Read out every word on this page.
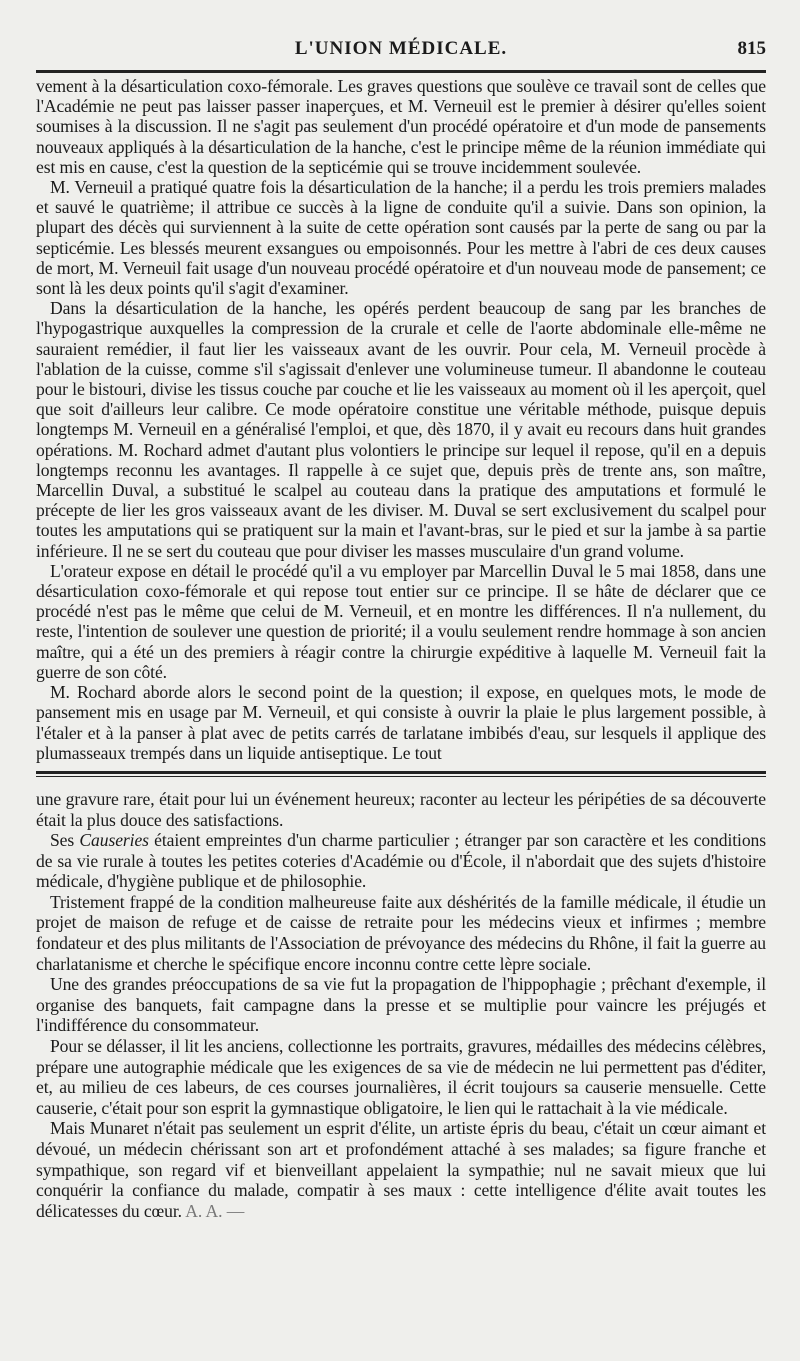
L'UNION MÉDICALE.	815

vement à la désarticulation coxo-fémorale. Les graves questions que soulève ce travail sont de celles que l'Académie ne peut pas laisser passer inaperçues, et M. Verneuil est le premier à désirer qu'elles soient soumises à la discussion. Il ne s'agit pas seulement d'un procédé opératoire et d'un mode de pansements nouveaux appliqués à la désarticulation de la hanche, c'est le principe même de la réunion immédiate qui est mis en cause, c'est la question de la septicémie qui se trouve incidemment soulevée.

M. Verneuil a pratiqué quatre fois la désarticulation de la hanche; il a perdu les trois premiers malades et sauvé le quatrième; il attribue ce succès à la ligne de conduite qu'il a suivie. Dans son opinion, la plupart des décès qui surviennent à la suite de cette opération sont causés par la perte de sang ou par la septicémie. Les blessés meurent exsangues ou empoisonnés. Pour les mettre à l'abri de ces deux causes de mort, M. Verneuil fait usage d'un nouveau procédé opératoire et d'un nouveau mode de pansement; ce sont là les deux points qu'il s'agit d'examiner.

Dans la désarticulation de la hanche, les opérés perdent beaucoup de sang par les branches de l'hypogastrique auxquelles la compression de la crurale et celle de l'aorte abdominale elle-même ne sauraient remédier, il faut lier les vaisseaux avant de les ouvrir. Pour cela, M. Verneuil procède à l'ablation de la cuisse, comme s'il s'agissait d'enlever une volumineuse tumeur. Il abandonne le couteau pour le bistouri, divise les tissus couche par couche et lie les vaisseaux au moment où il les aperçoit, quel que soit d'ailleurs leur calibre. Ce mode opératoire constitue une véritable méthode, puisque depuis longtemps M. Verneuil en a généralisé l'emploi, et que, dès 1870, il y avait eu recours dans huit grandes opérations. M. Rochard admet d'autant plus volontiers le principe sur lequel il repose, qu'il en a depuis longtemps reconnu les avantages. Il rappelle à ce sujet que, depuis près de trente ans, son maître, Marcellin Duval, a substitué le scalpel au couteau dans la pratique des amputations et formulé le précepte de lier les gros vaisseaux avant de les diviser. M. Duval se sert exclusivement du scalpel pour toutes les amputations qui se pratiquent sur la main et l'avant-bras, sur le pied et sur la jambe à sa partie inférieure. Il ne se sert du couteau que pour diviser les masses musculaire d'un grand volume.

L'orateur expose en détail le procédé qu'il a vu employer par Marcellin Duval le 5 mai 1858, dans une désarticulation coxo-fémorale et qui repose tout entier sur ce principe. Il se hâte de déclarer que ce procédé n'est pas le même que celui de M. Verneuil, et en montre les différences. Il n'a nullement, du reste, l'intention de soulever une question de priorité; il a voulu seulement rendre hommage à son ancien maître, qui a été un des premiers à réagir contre la chirurgie expéditive à laquelle M. Verneuil fait la guerre de son côté.

M. Rochard aborde alors le second point de la question; il expose, en quelques mots, le mode de pansement mis en usage par M. Verneuil, et qui consiste à ouvrir la plaie le plus largement possible, à l'étaler et à la panser à plat avec de petits carrés de tarlatane imbibés d'eau, sur lesquels il applique des plumasseaux trempés dans un liquide antiseptique. Le tout

une gravure rare, était pour lui un événement heureux; raconter au lecteur les péripéties de sa découverte était la plus douce des satisfactions.

Ses Causeries étaient empreintes d'un charme particulier ; étranger par son caractère et les conditions de sa vie rurale à toutes les petites coteries d'Académie ou d'École, il n'abordait que des sujets d'histoire médicale, d'hygiène publique et de philosophie.

Tristement frappé de la condition malheureuse faite aux déshérités de la famille médicale, il étudie un projet de maison de refuge et de caisse de retraite pour les médecins vieux et infirmes ; membre fondateur et des plus militants de l'Association de prévoyance des médecins du Rhône, il fait la guerre au charlatanisme et cherche le spécifique encore inconnu contre cette lèpre sociale.

Une des grandes préoccupations de sa vie fut la propagation de l'hippophagie ; prêchant d'exemple, il organise des banquets, fait campagne dans la presse et se multiplie pour vaincre les préjugés et l'indifférence du consommateur.

Pour se délasser, il lit les anciens, collectionne les portraits, gravures, médailles des médecins célèbres, prépare une autographie médicale que les exigences de sa vie de médecin ne lui permettent pas d'éditer, et, au milieu de ces labeurs, de ces courses journalières, il écrit toujours sa causerie mensuelle. Cette causerie, c'était pour son esprit la gymnastique obligatoire, le lien qui le rattachait à la vie médicale.

Mais Munaret n'était pas seulement un esprit d'élite, un artiste épris du beau, c'était un cœur aimant et dévoué, un médecin chérissant son art et profondément attaché à ses malades; sa figure franche et sympathique, son regard vif et bienveillant appelaient la sympathie; nul ne savait mieux que lui conquérir la confiance du malade, compatir à ses maux : cette intelligence d'élite avait toutes les délicatesses du cœur. A. A. —
